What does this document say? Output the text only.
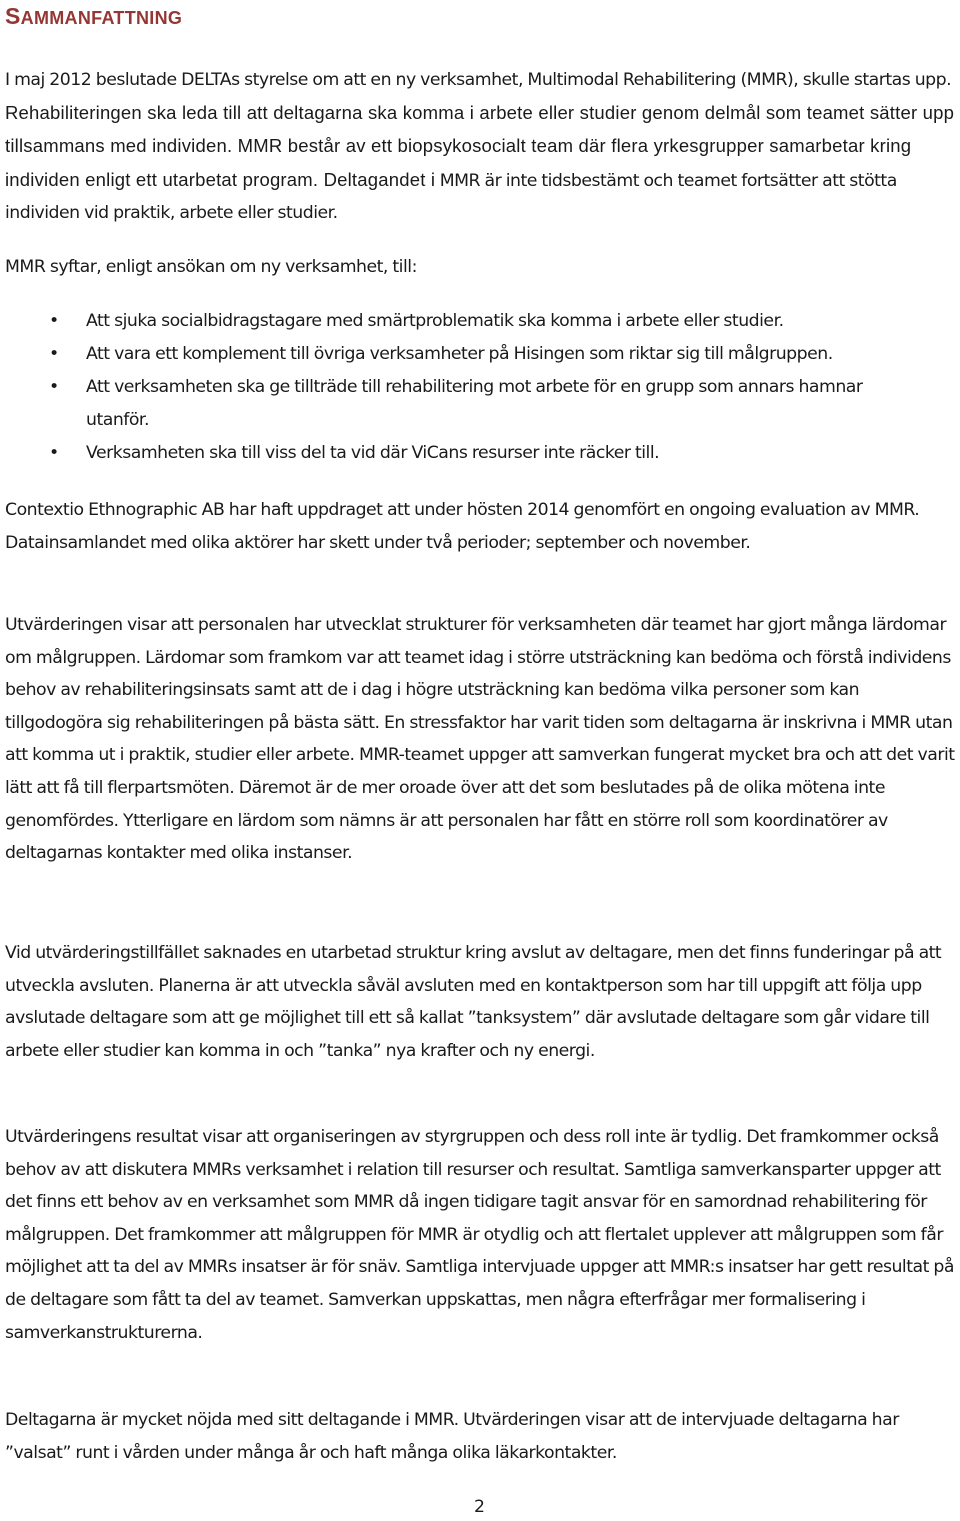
SAMMANFATTNING

I maj 2012 beslutade DELTAs styrelse om att en ny verksamhet, Multimodal Rehabilitering (MMR), skulle startas upp. Rehabiliteringen ska leda till att deltagarna ska komma i arbete eller studier genom delmål som teamet sätter upp tillsammans med individen. MMR består av ett biopsykosocialt team där flera yrkesgrupper samarbetar kring individen enligt ett utarbetat program. Deltagandet i MMR är inte tidsbestämt och teamet fortsätter att stötta individen vid praktik, arbete eller studier.

MMR syftar, enligt ansökan om ny verksamhet, till:

• Att sjuka socialbidragstagare med smärtproblematik ska komma i arbete eller studier.
• Att vara ett komplement till övriga verksamheter på Hisingen som riktar sig till målgruppen.
• Att verksamheten ska ge tillträde till rehabilitering mot arbete för en grupp som annars hamnar utanför.
• Verksamheten ska till viss del ta vid där ViCans resurser inte räcker till.

Contextio Ethnographic AB har haft uppdraget att under hösten 2014 genomfört en ongoing evaluation av MMR. Datainsamlandet med olika aktörer har skett under två perioder; september och november.

Utvärderingen visar att personalen har utvecklat strukturer för verksamheten där teamet har gjort många lärdomar om målgruppen. Lärdomar som framkom var att teamet idag i större utsträckning kan bedöma och förstå individens behov av rehabiliteringsinsats samt att de i dag i högre utsträckning kan bedöma vilka personer som kan tillgodogöra sig rehabiliteringen på bästa sätt. En stressfaktor har varit tiden som deltagarna är inskrivna i MMR utan att komma ut i praktik, studier eller arbete. MMR-teamet uppger att samverkan fungerat mycket bra och att det varit lätt att få till flerpartsmöten. Däremot är de mer oroade över att det som beslutades på de olika mötena inte genomfördes. Ytterligare en lärdom som nämns är att personalen har fått en större roll som koordinatörer av deltagarnas kontakter med olika instanser.

Vid utvärderingstillfället saknades en utarbetad struktur kring avslut av deltagare, men det finns funderingar på att utveckla avsluten. Planerna är att utveckla såväl avsluten med en kontaktperson som har till uppgift att följa upp avslutade deltagare som att ge möjlighet till ett så kallat ”tanksystem” där avslutade deltagare som går vidare till arbete eller studier kan komma in och ”tanka” nya krafter och ny energi.

Utvärderingens resultat visar att organiseringen av styrgruppen och dess roll inte är tydlig. Det framkommer också behov av att diskutera MMRs verksamhet i relation till resurser och resultat. Samtliga samverkansparter uppger att det finns ett behov av en verksamhet som MMR då ingen tidigare tagit ansvar för en samordnad rehabilitering för målgruppen. Det framkommer att målgruppen för MMR är otydlig och att flertalet upplever att målgruppen som får möjlighet att ta del av MMRs insatser är för snäv. Samtliga intervjuade uppger att MMR:s insatser har gett resultat på de deltagare som fått ta del av teamet. Samverkan uppskattas, men några efterfrågar mer formalisering i samverkanstrukturerna.

Deltagarna är mycket nöjda med sitt deltagande i MMR. Utvärderingen visar att de intervjuade deltagarna har ”valsat” runt i vården under många år och haft många olika läkarkontakter.

2
